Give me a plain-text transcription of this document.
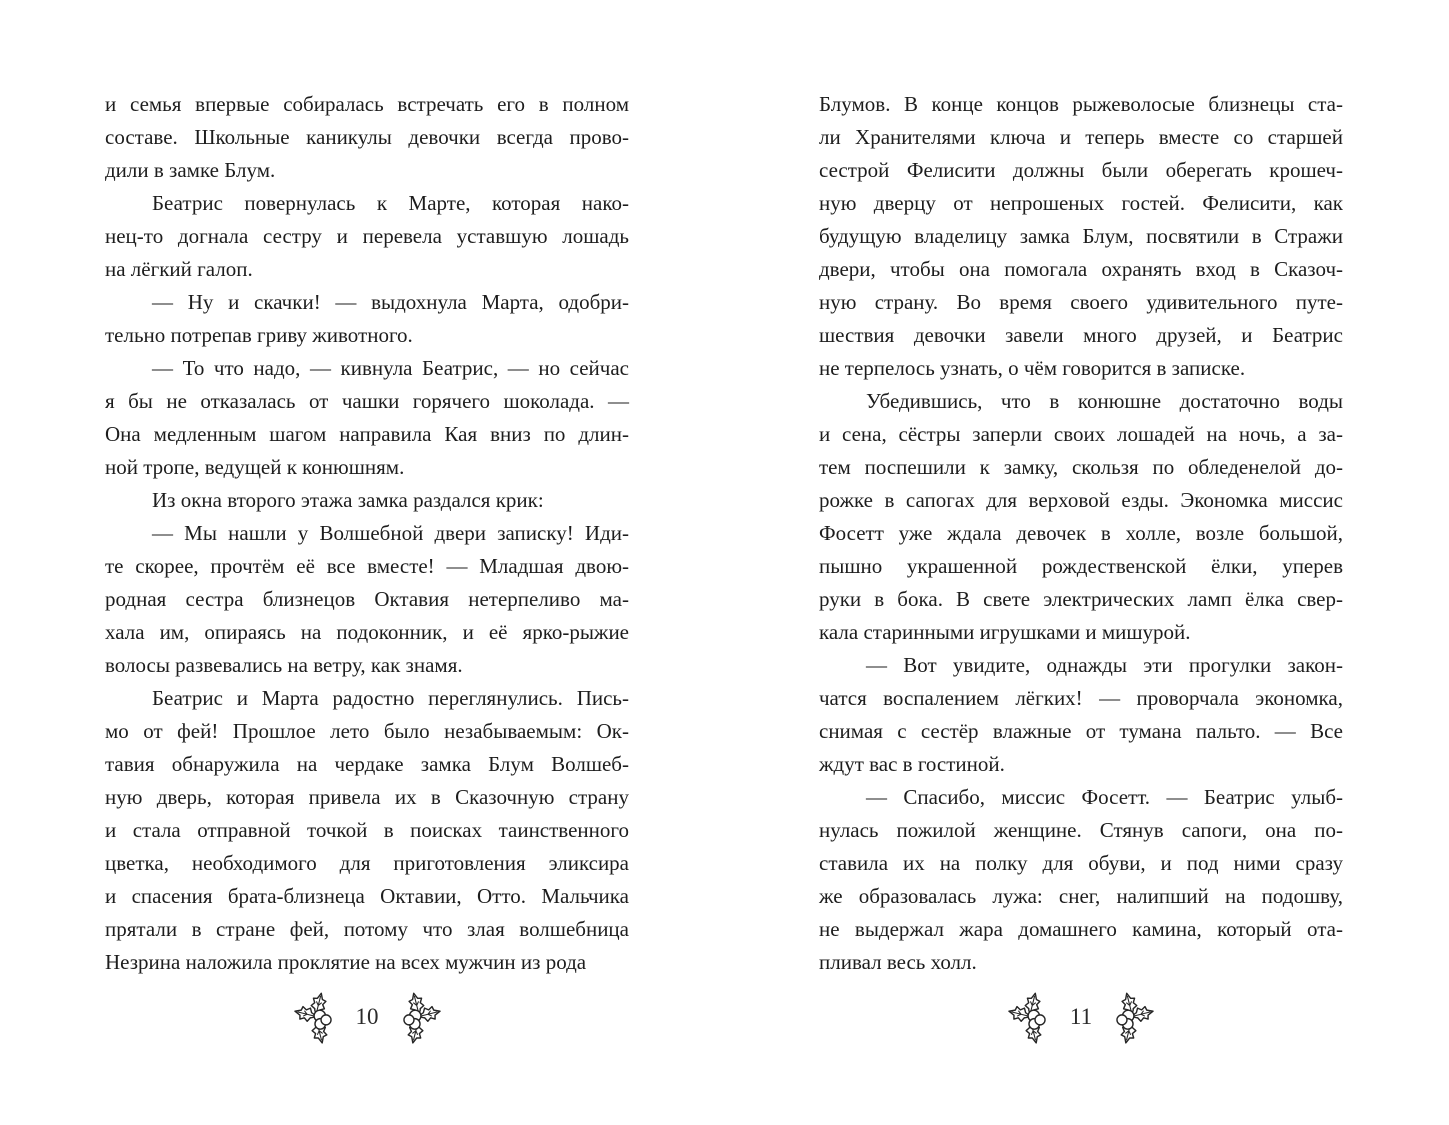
и семья впервые собиралась встречать его в полном
составе. Школьные каникулы девочки всегда прово-
дили в замке Блум.
Беатрис повернулась к Марте, которая нако-
нец-то догнала сестру и перевела уставшую лошадь
на лёгкий галоп.
— Ну и скачки! — выдохнула Марта, одобри-
тельно потрепав гриву животного.
— То что надо, — кивнула Беатрис, — но сейчас
я бы не отказалась от чашки горячего шоколада. —
Она медленным шагом направила Кая вниз по длин-
ной тропе, ведущей к конюшням.
Из окна второго этажа замка раздался крик:
— Мы нашли у Волшебной двери записку! Иди-
те скорее, прочтём её все вместе! — Младшая двою-
родная сестра близнецов Октавия нетерпеливо ма-
хала им, опираясь на подоконник, и её ярко-рыжие
волосы развевались на ветру, как знамя.
Беатрис и Марта радостно переглянулись. Пись-
мо от фей! Прошлое лето было незабываемым: Ок-
тавия обнаружила на чердаке замка Блум Волшеб-
ную дверь, которая привела их в Сказочную страну
и стала отправной точкой в поисках таинственного
цветка, необходимого для приготовления эликсира
и спасения брата-близнеца Октавии, Отто. Мальчика
прятали в стране фей, потому что злая волшебница
Незрина наложила проклятие на всех мужчин из рода
10
Блумов. В конце концов рыжеволосые близнецы ста-
ли Хранителями ключа и теперь вместе со старшей
сестрой Фелисити должны были оберегать крошеч-
ную дверцу от непрошеных гостей. Фелисити, как
будущую владелицу замка Блум, посвятили в Стражи
двери, чтобы она помогала охранять вход в Сказоч-
ную страну. Во время своего удивительного путе-
шествия девочки завели много друзей, и Беатрис
не терпелось узнать, о чём говорится в записке.
Убедившись, что в конюшне достаточно воды
и сена, сёстры заперли своих лошадей на ночь, а за-
тем поспешили к замку, скользя по обледенелой до-
рожке в сапогах для верховой езды. Экономка миссис
Фосетт уже ждала девочек в холле, возле большой,
пышно украшенной рождественской ёлки, уперев
руки в бока. В свете электрических ламп ёлка свер-
кала старинными игрушками и мишурой.
— Вот увидите, однажды эти прогулки закон-
чатся воспалением лёгких! — проворчала экономка,
снимая с сестёр влажные от тумана пальто. — Все
ждут вас в гостиной.
— Спасибо, миссис Фосетт. — Беатрис улыб-
нулась пожилой женщине. Стянув сапоги, она по-
ставила их на полку для обуви, и под ними сразу
же образовалась лужа: снег, налипший на подошву,
не выдержал жара домашнего камина, который ота-
пливал весь холл.
11
